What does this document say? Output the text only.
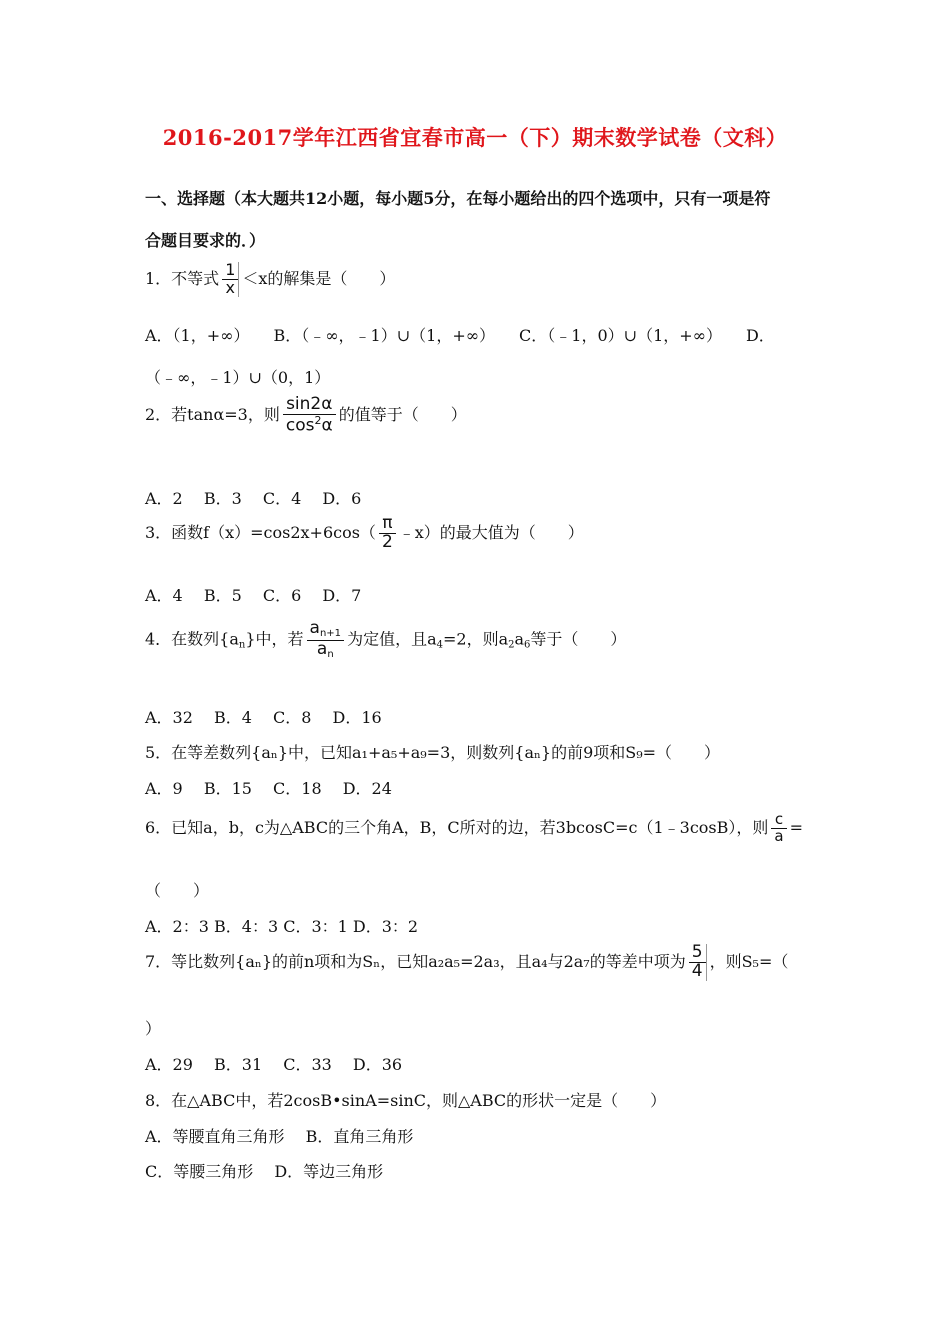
2016-2017学年江西省宜春市高一（下）期末数学试卷（文科）
一、选择题（本大题共12小题，每小题5分，在每小题给出的四个选项中，只有一项是符
合题目要求的．）
1．不等式 $\frac{1}{x} <x$的解集是（　　）
A．（1，+∞）　　B．（﹣∞，﹣1）∪（1，+∞）　　C．（﹣1，0）∪（1，+∞）　　D．
（﹣∞，﹣1）∪（0，1）
2．若tanα=3，则 $\frac{\sin 2\alpha}{\cos^2\alpha}$ 的值等于（　　）
A．2　 B．3　 C．4　 D．6
3．函数$f(x)=\cos 2x+6\cos( \frac{\pi}{2}$ ﹣x）的最大值为（　　）
A．4　 B．5　 C．6　 D．7
4．在数列$\{a_n\}$中，若 $\frac{a_{n+1}}{a_n}$ 为定值，且$a_4=2$，则$a_2a_6$等于（　　）
A．32　 B．4　 C．8　 D．16
5．在等差数列{aₙ}中，已知a₁+a₅+a₉=3，则数列{aₙ}的前9项和S₉=（　　）
A．9　 B．15　 C．18　 D．24
6．已知a，b，c为△ABC的三个角A，B，C所对的边，若3bcosC=c（1﹣3cosB），则 $\frac{c}{a}$ =
（　　）
A．2：3 B．4：3 C．3：1 D．3：2
7．等比数列{aₙ}的前n项和为Sₙ，已知a₂a₅=2a₃，且a₄与2a₇的等差中项为 $\frac{5}{4}$ ，则S₅=（
）
A．29　 B．31　 C．33　 D．36
8．在△ABC中，若2cosB•sinA=sinC，则△ABC的形状一定是（　　）
A．等腰直角三角形　 B．直角三角形
C．等腰三角形　 D．等边三角形
